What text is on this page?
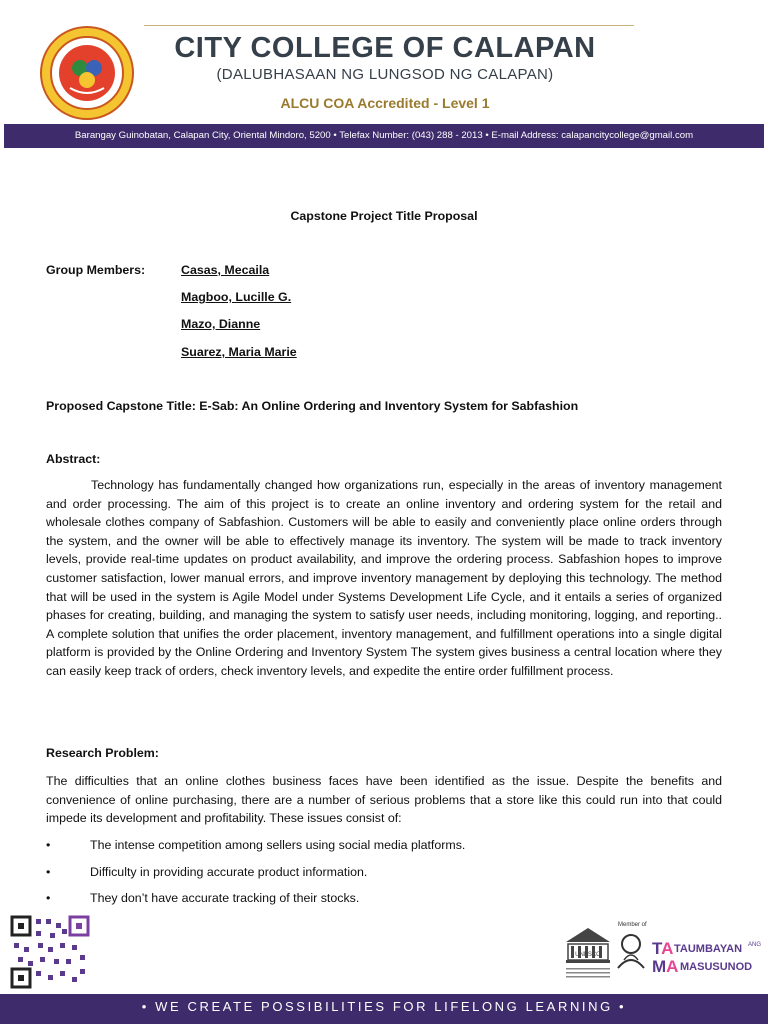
CITY COLLEGE OF CALAPAN
(DALUBHASAAN NG LUNGSOD NG CALAPAN)
ALCU COA Accredited - Level 1
Barangay Guinobatan, Calapan City, Oriental Mindoro, 5200 • Telefax Number: (043) 288 - 2013 • E-mail Address: calapancitycollege@gmail.com
Capstone Project Title Proposal
Group Members:	Casas, Mecaila
Magboo, Lucille G.
Mazo, Dianne
Suarez, Maria Marie
Proposed Capstone Title: E-Sab: An Online Ordering and Inventory System for Sabfashion
Abstract:

Technology has fundamentally changed how organizations run, especially in the areas of inventory management and order processing. The aim of this project is to create an online inventory and ordering system for the retail and wholesale clothes company of Sabfashion. Customers will be able to easily and conveniently place online orders through the system, and the owner will be able to effectively manage its inventory. The system will be made to track inventory levels, provide real-time updates on product availability, and improve the ordering process. Sabfashion hopes to improve customer satisfaction, lower manual errors, and improve inventory management by deploying this technology. The method that will be used in the system is Agile Model under Systems Development Life Cycle, and it entails a series of organized phases for creating, building, and managing the system to satisfy user needs, including monitoring, logging, and reporting.. A complete solution that unifies the order placement, inventory management, and fulfillment operations into a single digital platform is provided by the Online Ordering and Inventory System The system gives business a central location where they can easily keep track of orders, check inventory levels, and expedite the entire order fulfillment process.

Research Problem:

The difficulties that an online clothes business faces have been identified as the issue. Despite the benefits and convenience of online purchasing, there are a number of serious problems that a store like this could run into that could impede its development and profitability. These issues consist of:

•	The intense competition among sellers using social media platforms.
•	Difficulty in providing accurate product information.
•	They don’t have accurate tracking of their stocks.
UNESCO
Member of
TA TAUMBAYAN ANG
MA MASUSUNOD
• WE CREATE POSSIBILITIES FOR LIFELONG LEARNING •
